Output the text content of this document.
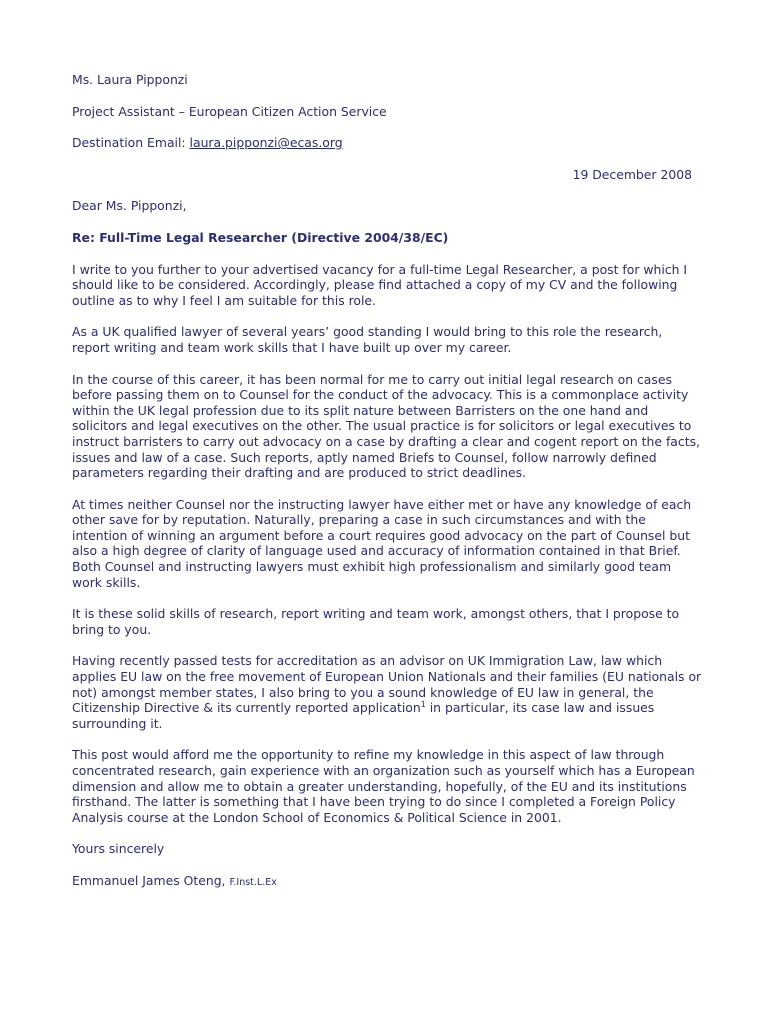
Ms. Laura Pipponzi
Project Assistant – European Citizen Action Service
Destination Email: laura.pipponzi@ecas.org
19 December 2008
Dear Ms. Pipponzi,
Re: Full-Time Legal Researcher (Directive 2004/38/EC)
I write to you further to your advertised vacancy for a full-time Legal Researcher, a post for which I should like to be considered. Accordingly, please find attached a copy of my CV and the following outline as to why I feel I am suitable for this role.
As a UK qualified lawyer of several years’ good standing I would bring to this role the research, report writing and team work skills that I have built up over my career.
In the course of this career, it has been normal for me to carry out initial legal research on cases before passing them on to Counsel for the conduct of the advocacy. This is a commonplace activity within the UK legal profession due to its split nature between Barristers on the one hand and solicitors and legal executives on the other. The usual practice is for solicitors or legal executives to instruct barristers to carry out advocacy on a case by drafting a clear and cogent report on the facts, issues and law of a case. Such reports, aptly named Briefs to Counsel, follow narrowly defined parameters regarding their drafting and are produced to strict deadlines.
At times neither Counsel nor the instructing lawyer have either met or have any knowledge of each other save for by reputation. Naturally, preparing a case in such circumstances and with the intention of winning an argument before a court requires good advocacy on the part of Counsel but also a high degree of clarity of language used and accuracy of information contained in that Brief. Both Counsel and instructing lawyers must exhibit high professionalism and similarly good team work skills.
It is these solid skills of research, report writing and team work, amongst others, that I propose to bring to you.
Having recently passed tests for accreditation as an advisor on UK Immigration Law, law which applies EU law on the free movement of European Union Nationals and their families (EU nationals or not) amongst member states, I also bring to you a sound knowledge of EU law in general, the Citizenship Directive & its currently reported application$^1$ in particular, its case law and issues surrounding it.
This post would afford me the opportunity to refine my knowledge in this aspect of law through concentrated research, gain experience with an organization such as yourself which has a European dimension and allow me to obtain a greater understanding, hopefully, of the EU and its institutions firsthand. The latter is something that I have been trying to do since I completed a Foreign Policy Analysis course at the London School of Economics & Political Science in 2001.
Yours sincerely
Emmanuel James Oteng, F.Inst.L.Ex
